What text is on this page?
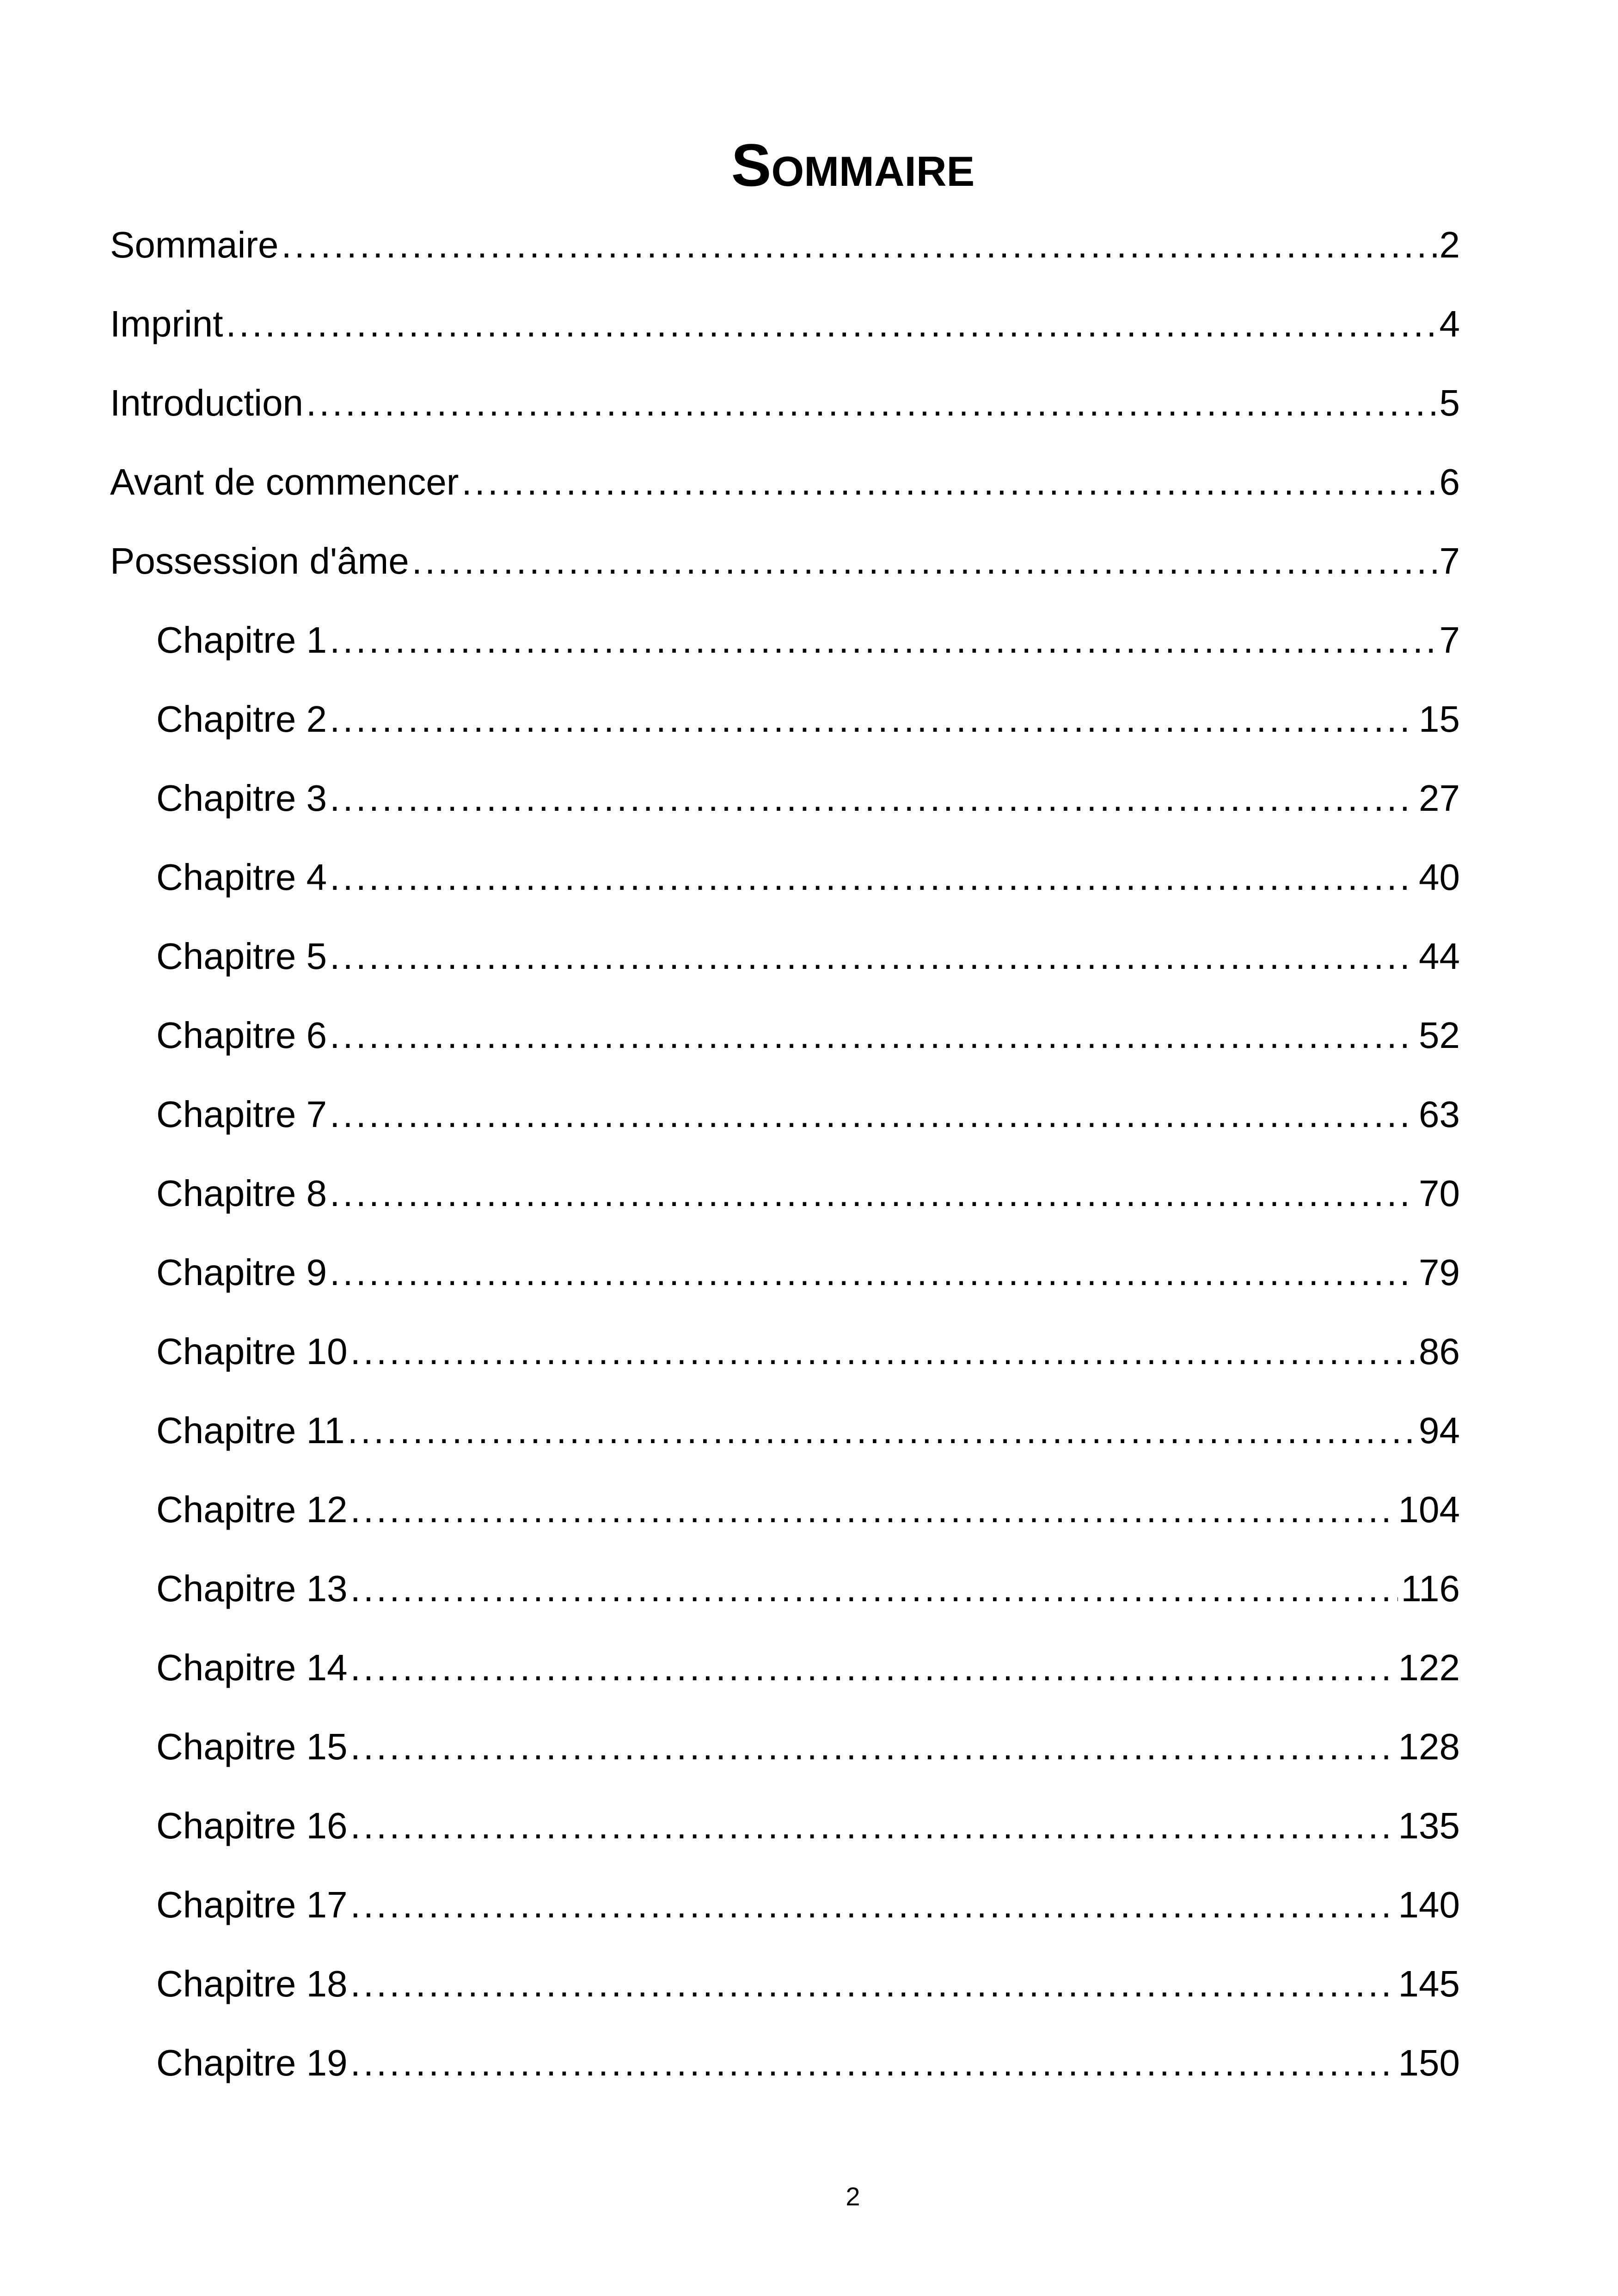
Sommaire
Sommaire .....	2
Imprint .....	4
Introduction .....	5
Avant de commencer .....	6
Possession d'âme .....	7
Chapitre 1 .....	7
Chapitre 2 .....	15
Chapitre 3 .....	27
Chapitre 4 .....	40
Chapitre 5 .....	44
Chapitre 6 .....	52
Chapitre 7 .....	63
Chapitre 8 .....	70
Chapitre 9 .....	79
Chapitre 10 .....	86
Chapitre 11 .....	94
Chapitre 12 .....	104
Chapitre 13 .....	116
Chapitre 14 .....	122
Chapitre 15 .....	128
Chapitre 16 .....	135
Chapitre 17 .....	140
Chapitre 18 .....	145
Chapitre 19 .....	150
2
